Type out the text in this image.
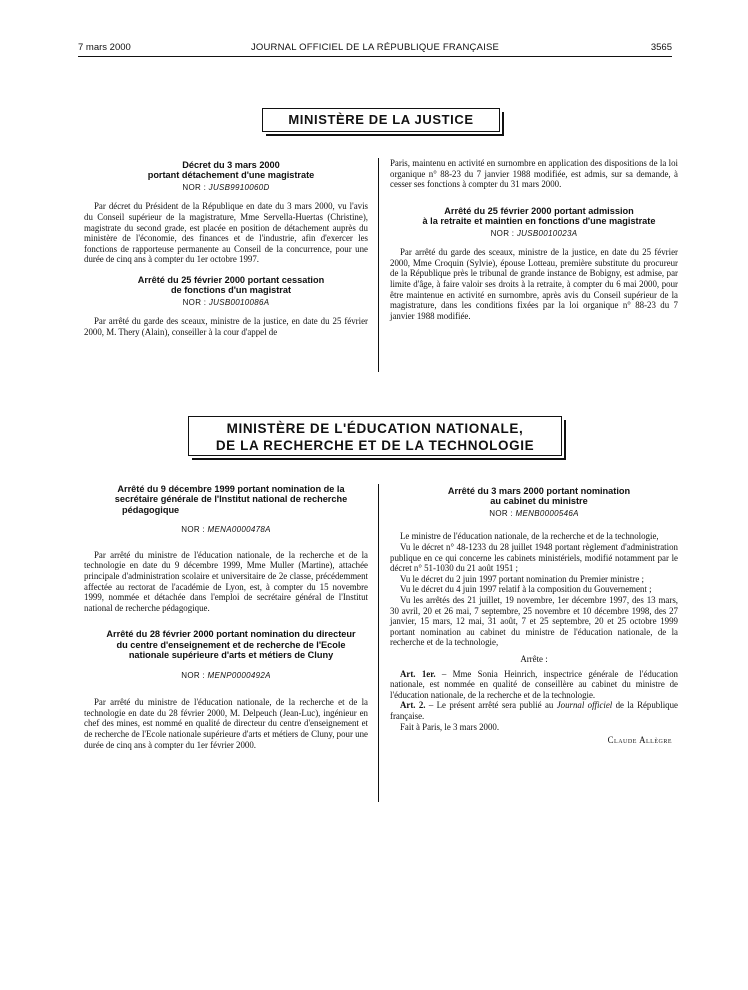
7 mars 2000	JOURNAL OFFICIEL DE LA RÉPUBLIQUE FRANÇAISE	3565
MINISTÈRE DE LA JUSTICE

Décret du 3 mars 2000

portant détachement d'une magistrate

NOR : JUSB9910060D

Par décret du Président de la République en date du 3 mars 2000, vu l'avis du Conseil supérieur de la magistrature, Mme Servella-Huertas (Christine), magistrate du second grade, est placée en position de détachement auprès du ministère de l'économie, des finances et de l'industrie, afin d'exercer les fonctions de rapporteuse permanente au Conseil de la concurrence, pour une durée de cinq ans à compter du 1er octobre 1997.

Arrêté du 25 février 2000 portant cessation

de fonctions d'un magistrat

NOR : JUSB0010086A

Par arrêté du garde des sceaux, ministre de la justice, en date du 25 février 2000, M. Thery (Alain), conseiller à la cour d'appel de

Paris, maintenu en activité en surnombre en application des dispositions de la loi organique n° 88-23 du 7 janvier 1988 modifiée, est admis, sur sa demande, à cesser ses fonctions à compter du 31 mars 2000.

Arrêté du 25 février 2000 portant admission

à la retraite et maintien en fonctions d'une magistrate

NOR : JUSB0010023A

Par arrêté du garde des sceaux, ministre de la justice, en date du 25 février 2000, Mme Croquin (Sylvie), épouse Lotteau, première substitute du procureur de la République près le tribunal de grande instance de Bobigny, est admise, par limite d'âge, à faire valoir ses droits à la retraite, à compter du 6 mai 2000, pour être maintenue en activité en surnombre, après avis du Conseil supérieur de la magistrature, dans les conditions fixées par la loi organique n° 88-23 du 7 janvier 1988 modifiée.

MINISTÈRE DE L'ÉDUCATION NATIONALE,
DE LA RECHERCHE ET DE LA TECHNOLOGIE

Arrêté du 9 décembre 1999 portant nomination de la

secrétaire générale de l'Institut national de recherche

pédagogique

NOR : MENA0000478A

Par arrêté du ministre de l'éducation nationale, de la recherche et de la technologie en date du 9 décembre 1999, Mme Muller (Martine), attachée principale d'administration scolaire et universitaire de 2e classe, précédemment affectée au rectorat de l'académie de Lyon, est, à compter du 15 novembre 1999, nommée et détachée dans l'emploi de secrétaire général de l'Institut national de recherche pédagogique.

Arrêté du 28 février 2000 portant nomination du directeur

du centre d'enseignement et de recherche de l'Ecole

nationale supérieure d'arts et métiers de Cluny

NOR : MENP0000492A

Par arrêté du ministre de l'éducation nationale, de la recherche et de la technologie en date du 28 février 2000, M. Delpeuch (Jean-Luc), ingénieur en chef des mines, est nommé en qualité de directeur du centre d'enseignement et de recherche de l'Ecole nationale supérieure d'arts et métiers de Cluny, pour une durée de cinq ans à compter du 1er février 2000.

Arrêté du 3 mars 2000 portant nomination

au cabinet du ministre

NOR : MENB0000546A

Le ministre de l'éducation nationale, de la recherche et de la technologie,

Vu le décret n° 48-1233 du 28 juillet 1948 portant règlement d'administration publique en ce qui concerne les cabinets ministériels, modifié notamment par le décret n° 51-1030 du 21 août 1951 ;

Vu le décret du 2 juin 1997 portant nomination du Premier ministre ;

Vu le décret du 4 juin 1997 relatif à la composition du Gouvernement ;

Vu les arrêtés des 21 juillet, 19 novembre, 1er décembre 1997, des 13 mars, 30 avril, 20 et 26 mai, 7 septembre, 25 novembre et 10 décembre 1998, des 27 janvier, 15 mars, 12 mai, 31 août, 7 et 25 septembre, 20 et 25 octobre 1999 portant nomination au cabinet du ministre de l'éducation nationale, de la recherche et de la technologie,

Arrête :

Art. 1er. – Mme Sonia Heinrich, inspectrice générale de l'éducation nationale, est nommée en qualité de conseillère au cabinet du ministre de l'éducation nationale, de la recherche et de la technologie.

Art. 2. – Le présent arrêté sera publié au Journal officiel de la République française.

Fait à Paris, le 3 mars 2000.

Claude Allègre
